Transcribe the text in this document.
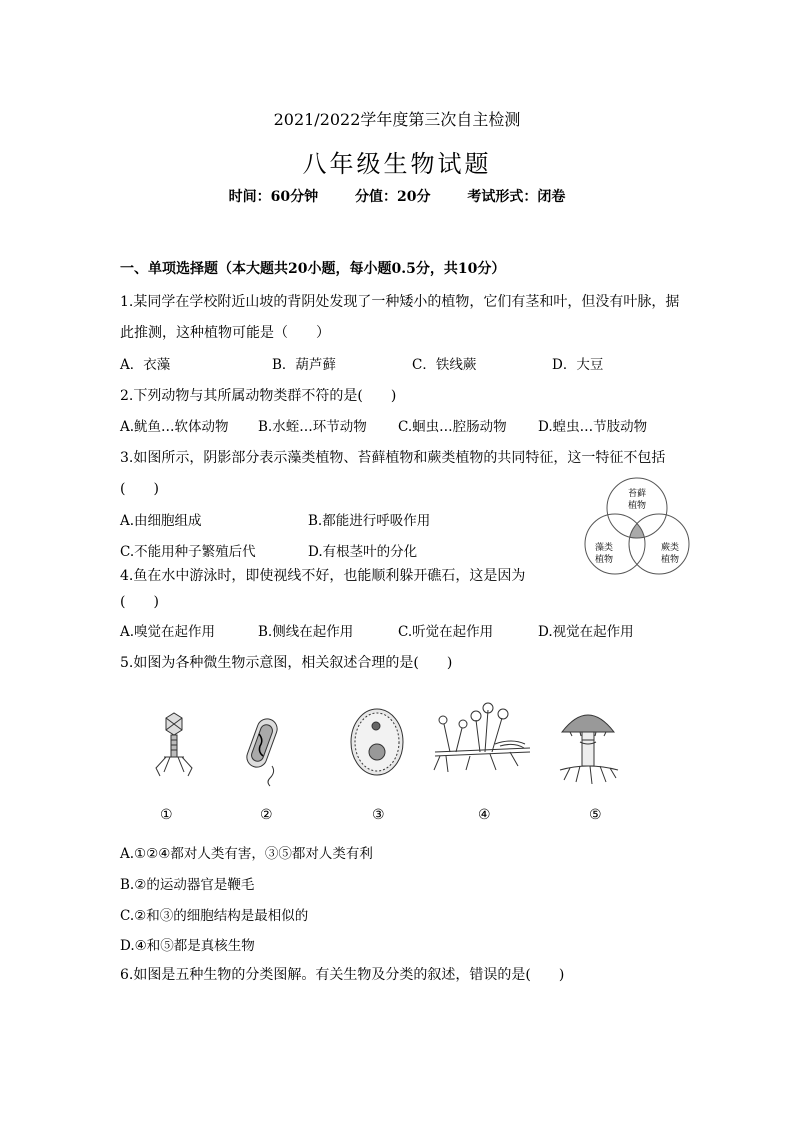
2021/2022学年度第三次自主检测
八年级生物试题
时间：60分钟	分值：20分	考试形式：闭卷
一、单项选择题（本大题共20小题，每小题0.5分，共10分）
1.某同学在学校附近山坡的背阴处发现了一种矮小的植物，它们有茎和叶，但没有叶脉，据
此推测，这种植物可能是（　　）
A．衣藻	B．葫芦藓	C．铁线蕨	D．大豆
2.下列动物与其所属动物类群不符的是(　　)
A.鱿鱼…软体动物 B.水蛭…环节动物 C.蛔虫…腔肠动物 D.蝗虫…节肢动物
3.如图所示，阴影部分表示藻类植物、苔藓植物和蕨类植物的共同特征，这一特征不包括
(　　)
A.由细胞组成	B.都能进行呼吸作用
C.不能用种子繁殖后代	D.有根茎叶的分化
苔藓
植物
藻类
植物
蕨类
植物
4.鱼在水中游泳时，即使视线不好，也能顺利躲开礁石，这是因为
(　　)
A.嗅觉在起作用	B.侧线在起作用	C.听觉在起作用	D.视觉在起作用
5.如图为各种微生物示意图，相关叙述合理的是(　　)
①	②	③	④	⑤
A.①②④都对人类有害，③⑤都对人类有利
B.②的运动器官是鞭毛
C.②和③的细胞结构是最相似的
D.④和⑤都是真核生物
6.如图是五种生物的分类图解。有关生物及分类的叙述，错误的是(　　)
